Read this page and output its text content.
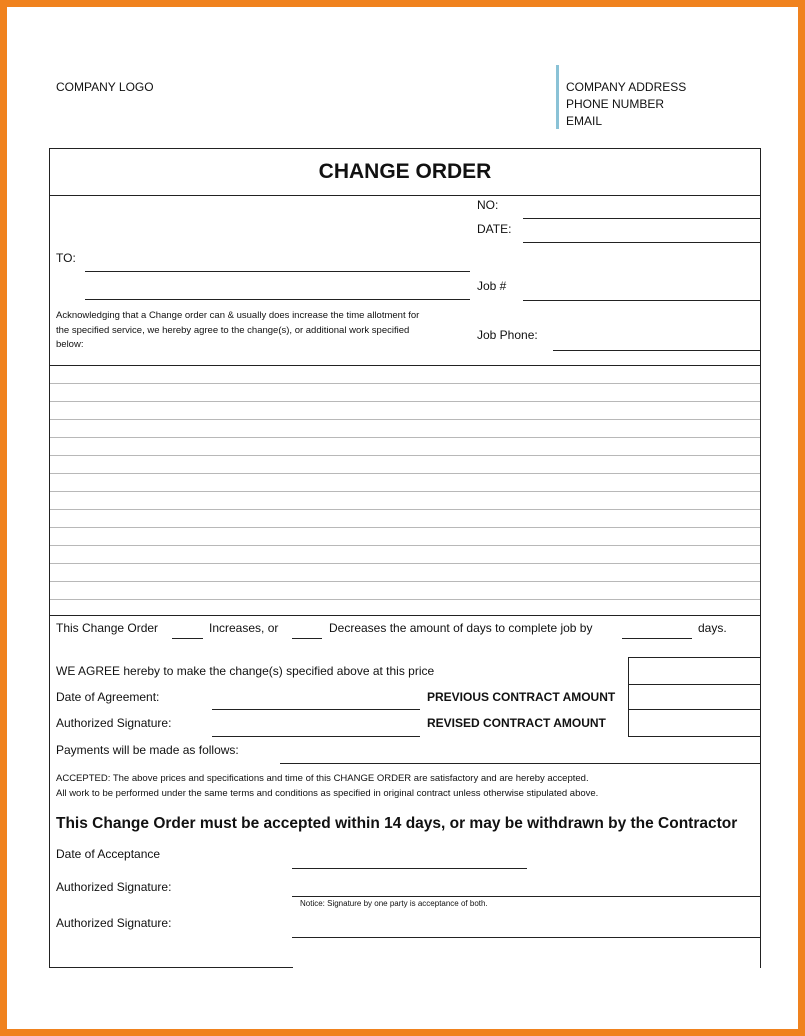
COMPANY LOGO	COMPANY ADDRESS
PHONE NUMBER
EMAIL
CHANGE ORDER
NO:
DATE:
TO:
Job #
Acknowledging that a Change order can & usually does increase the time allotment for
the specified service, we hereby agree to the change(s), or additional work specified
below:
Job Phone:
This Change Order	Increases, or	Decreases the amount of days to complete job by	days.
WE AGREE hereby to make the change(s) specified above at this price
Date of Agreement:	PREVIOUS CONTRACT AMOUNT
Authorized Signature:	REVISED CONTRACT AMOUNT
Payments will be made as follows:
ACCEPTED: The above prices and specifications and time of this CHANGE ORDER are satisfactory and are hereby accepted.
All work to be performed under the same terms and conditions as specified in original contract unless otherwise stipulated above.
This Change Order must be accepted within 14 days, or may be withdrawn by the Contractor
Date of Acceptance
Authorized Signature:
Notice: Signature by one party is acceptance of both.
Authorized Signature:
